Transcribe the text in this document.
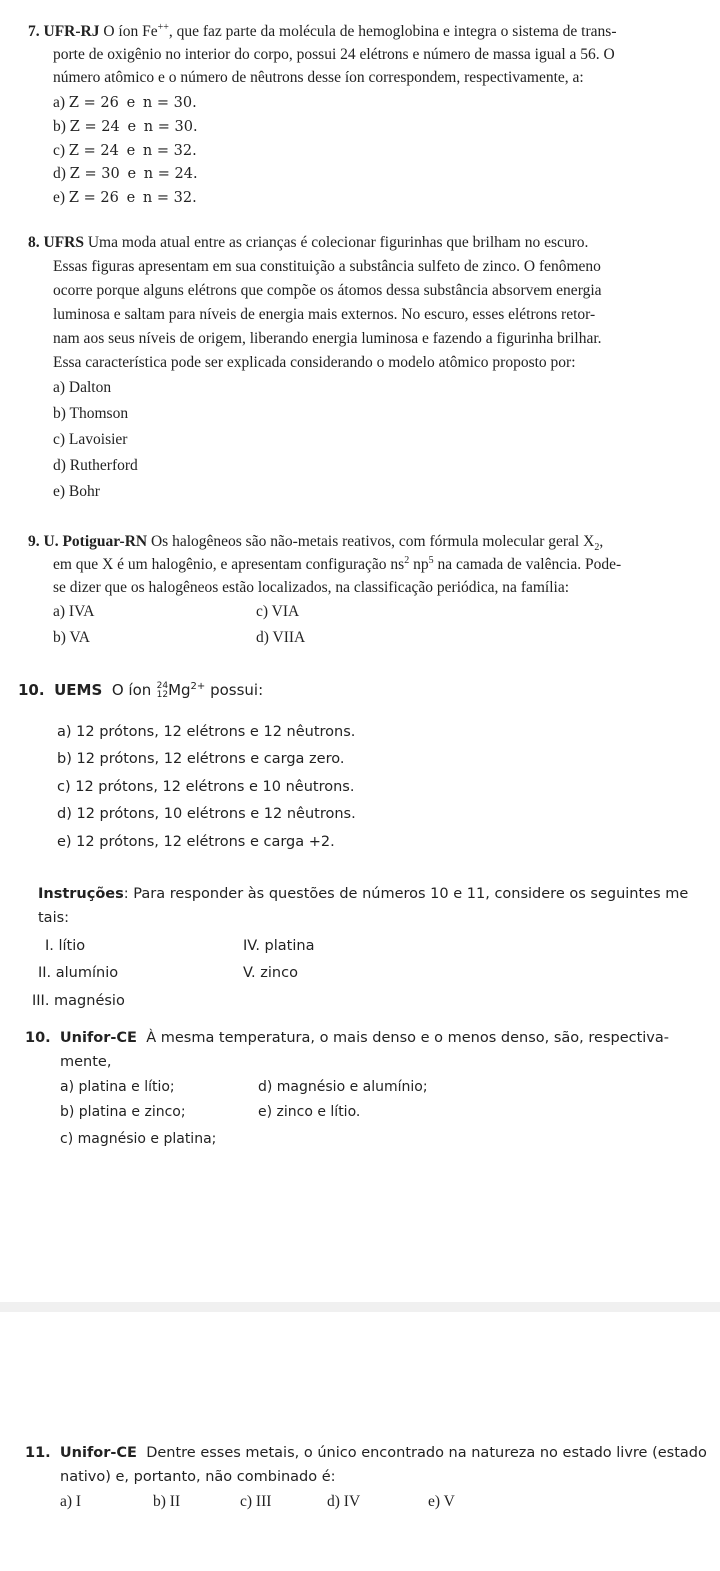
7. UFR-RJ O íon Fe++, que faz parte da molécula de hemoglobina e integra o sistema de trans-
porte de oxigênio no interior do corpo, possui 24 elétrons e número de massa igual a 56. O
número atômico e o número de nêutrons desse íon correspondem, respectivamente, a:
a) Z = 26 e n = 30.
b) Z = 24 e n = 30.
c) Z = 24 e n = 32.
d) Z = 30 e n = 24.
e) Z = 26 e n = 32.
8. UFRS Uma moda atual entre as crianças é colecionar figurinhas que brilham no escuro.
Essas figuras apresentam em sua constituição a substância sulfeto de zinco. O fenômeno
ocorre porque alguns elétrons que compõe os átomos dessa substância absorvem energia
luminosa e saltam para níveis de energia mais externos. No escuro, esses elétrons retor-
nam aos seus níveis de origem, liberando energia luminosa e fazendo a figurinha brilhar.
Essa característica pode ser explicada considerando o modelo atômico proposto por:
a) Dalton
b) Thomson
c) Lavoisier
d) Rutherford
e) Bohr
9. U. Potiguar-RN Os halogêneos são não-metais reativos, com fórmula molecular geral $X_2$,
em que X é um halogênio, e apresentam configuração $ns^2$ $np^5$ na camada de valência. Pode-
se dizer que os halogêneos estão localizados, na classificação periódica, na família:
a) IVA	c) VIA
b) VA	d) VIIA
10. UEMS O íon 24
12 $Mg^{2+}$ possui:
a) 12 prótons, 12 elétrons e 12 nêutrons.
b) 12 prótons, 12 elétrons e carga zero.
c) 12 prótons, 12 elétrons e 10 nêutrons.
d) 12 prótons, 10 elétrons e 12 nêutrons.
e) 12 prótons, 12 elétrons e carga +2.
Instruções: Para responder às questões de números 10 e 11, considere os seguintes me
tais:
I. lítio	IV. platina
II. alumínio	V. zinco
III. magnésio
10. Unifor-CE À mesma temperatura, o mais denso e o menos denso, são, respectiva-
mente,
a) platina e lítio;	d) magnésio e alumínio;
b) platina e zinco;	e) zinco e lítio.
c) magnésio e platina;
11. Unifor-CE Dentre esses metais, o único encontrado na natureza no estado livre (estado
nativo) e, portanto, não combinado é:
a) I	b) II	c) III	d) IV	e) V
